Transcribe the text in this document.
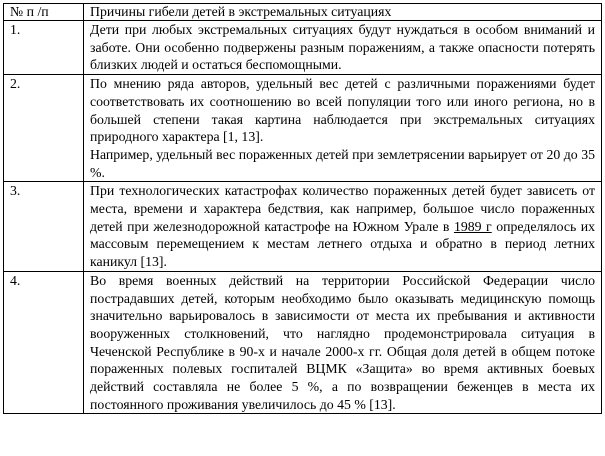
№ п /п	Причины гибели детей в экстремальных ситуациях
1.	Дети при любых экстремальных ситуациях будут нуждаться в особом вниманий и заботе. Они особенно подвержены разным поражениям, а также опасности потерять близких людей и остаться беспомощными.
2.	По мнению ряда авторов, удельный вес детей с различными поражениями будет соответствовать их соотношению во всей популяции того или иного региона, но в большей степени такая картина наблюдается при экстремальных ситуациях природного характера [1, 13].
Например, удельный вес пораженных детей при землетрясении варьирует от 20 до 35 %.

3.	При технологических катастрофах количество пораженных детей будет зависеть от места, времени и характера бедствия, как например, большое число пораженных детей при железнодорожной катастрофе на Южном Урале в 1989 г определялось их массовым перемещением к местам летнего отдыха и обратно в период летних каникул [13].
4.	Во время военных действий на территории Российской Федерации число пострадавших детей, которым необходимо было оказывать медицинскую помощь значительно варьировалось в зависимости от места их пребывания и активности вооруженных столкновений, что наглядно продемонстрировала ситуация в Чеченской Республике в 90-х и начале 2000-х гг. Общая доля детей в общем потоке пораженных полевых госпиталей ВЦМК «Защита» во время активных боевых действий составляла не более 5 %, а по возвращении беженцев в места их постоянного проживания увеличилось до 45 % [13].
